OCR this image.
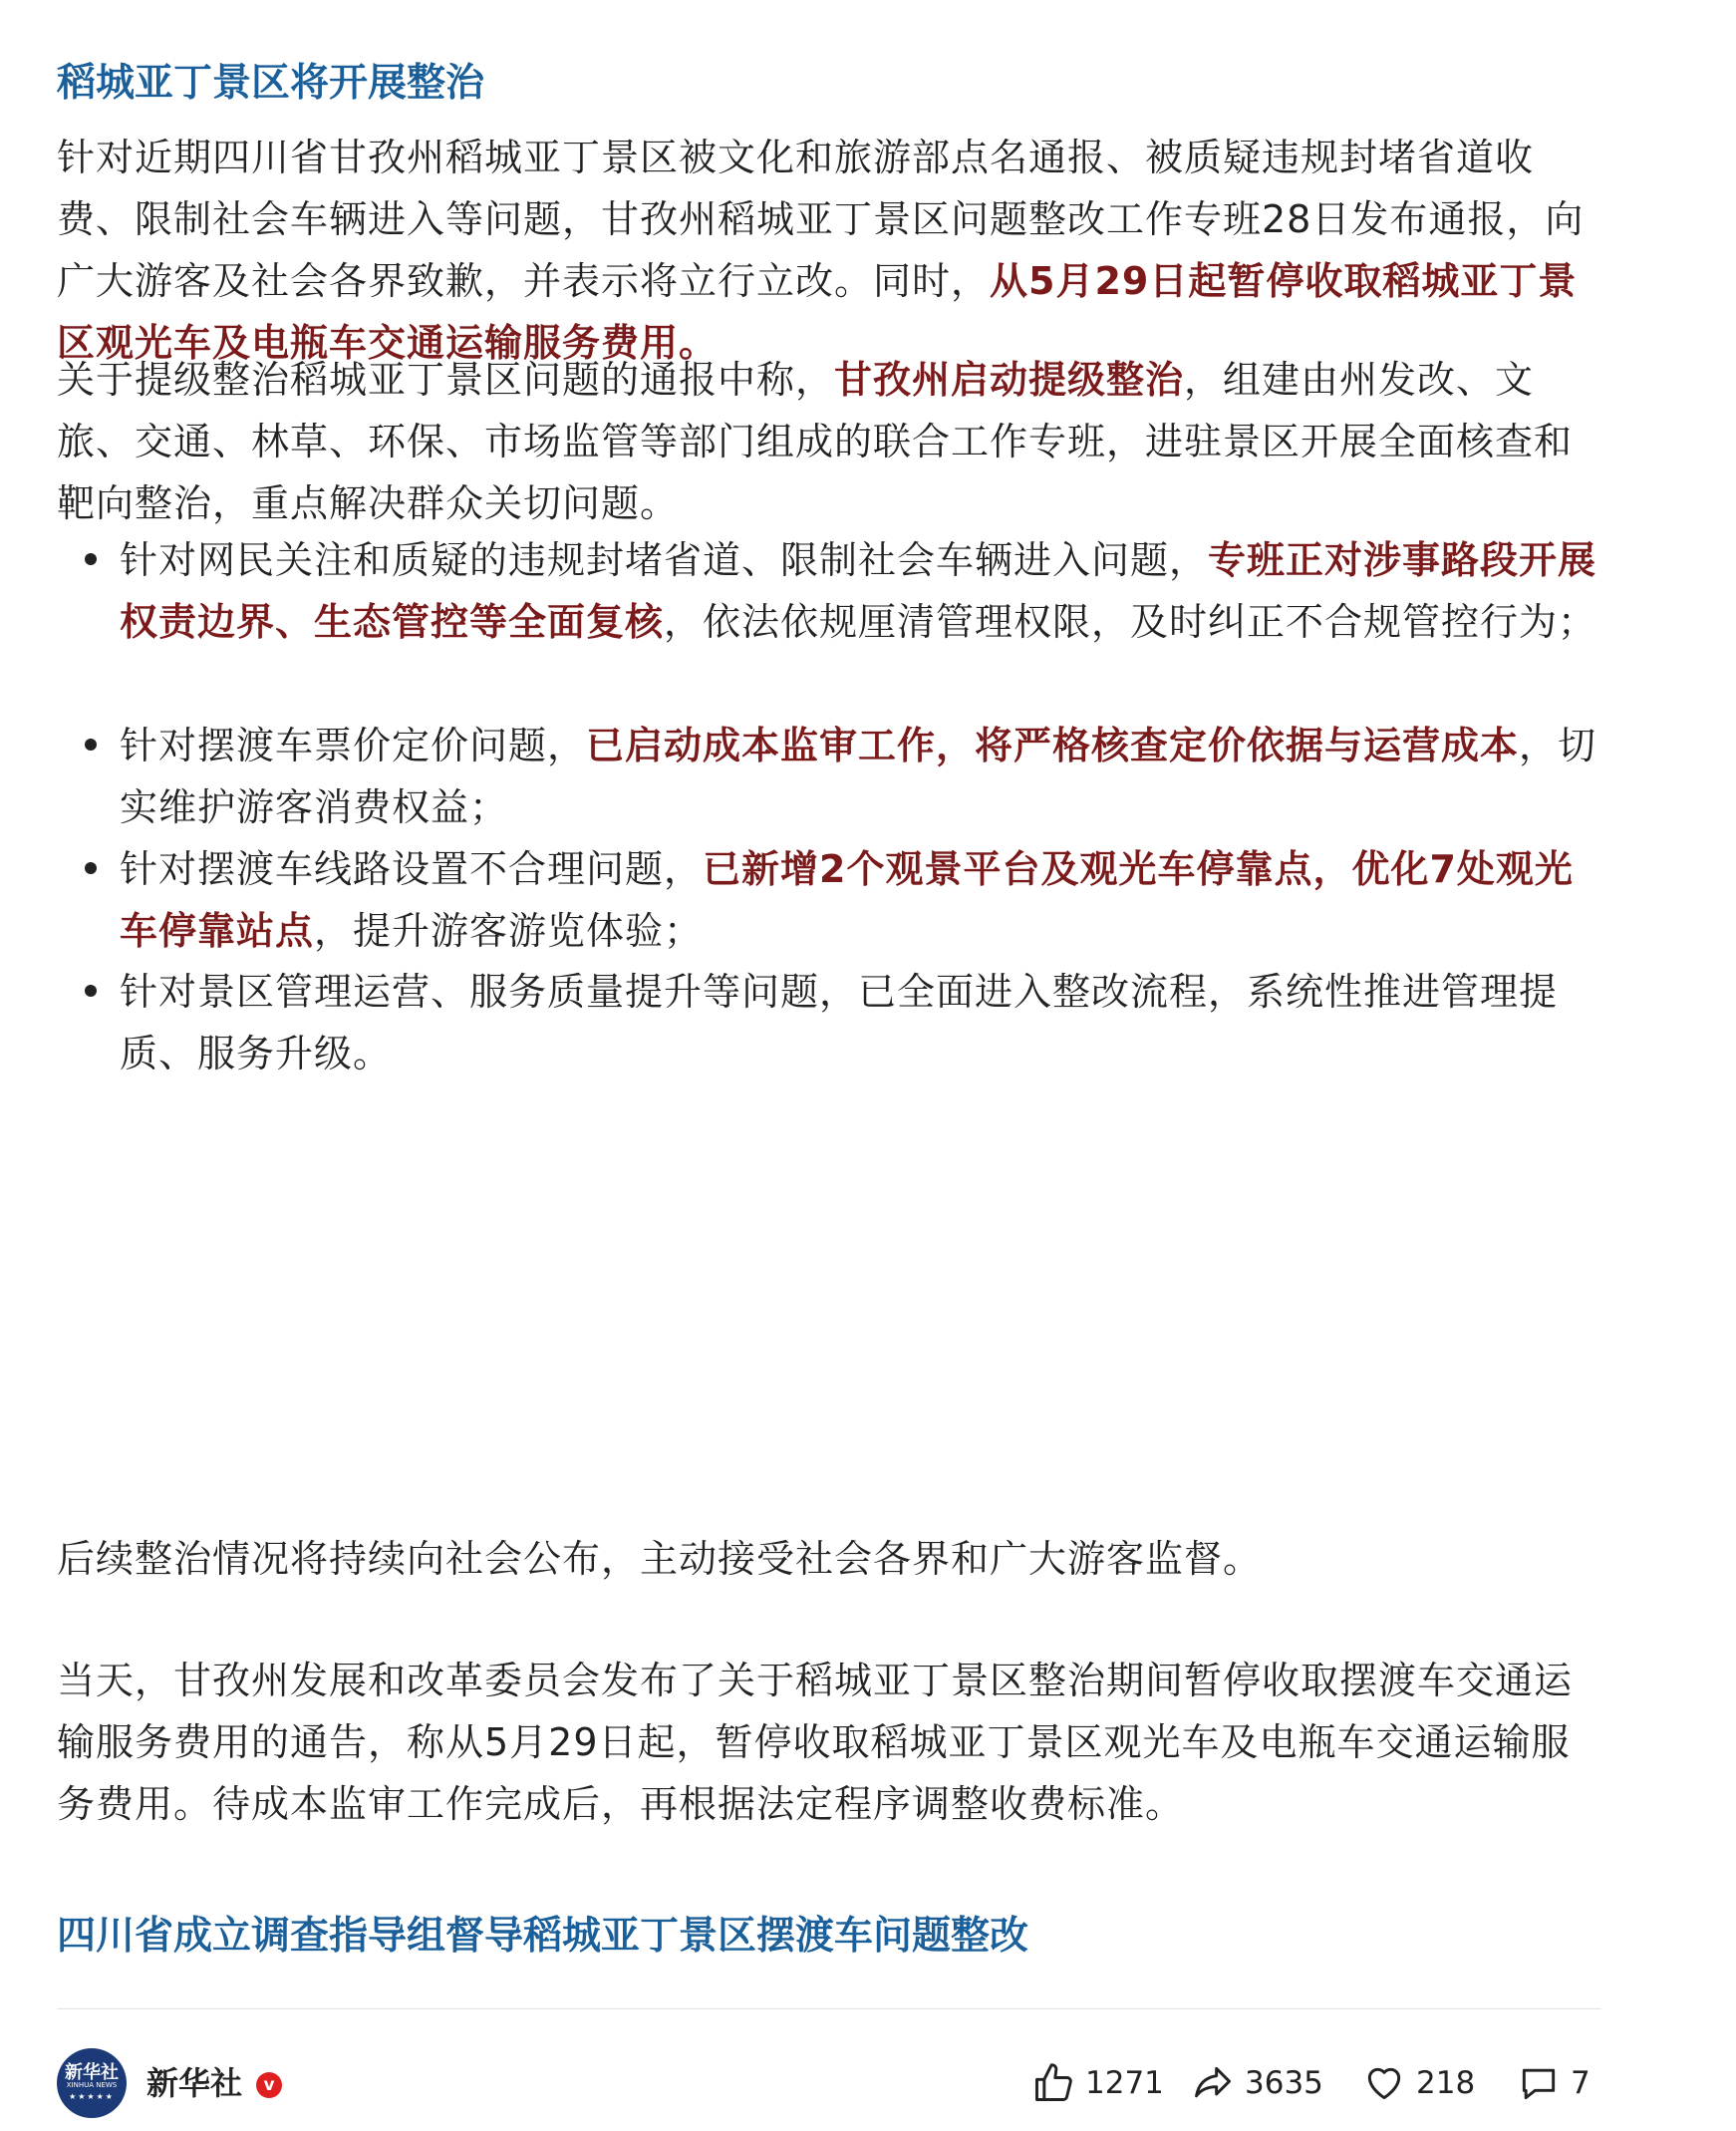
稻城亚丁景区将开展整治

针对近期四川省甘孜州稻城亚丁景区被文化和旅游部点名通报、被质疑违规封堵省道收费、限制社会车辆进入等问题，甘孜州稻城亚丁景区问题整改工作专班28日发布通报，向广大游客及社会各界致歉，并表示将立行立改。同时，从5月29日起暂停收取稻城亚丁景区观光车及电瓶车交通运输服务费用。

关于提级整治稻城亚丁景区问题的通报中称，甘孜州启动提级整治，组建由州发改、文旅、交通、林草、环保、市场监管等部门组成的联合工作专班，进驻景区开展全面核查和靶向整治，重点解决群众关切问题。

针对网民关注和质疑的违规封堵省道、限制社会车辆进入问题，专班正对涉事路段开展权责边界、生态管控等全面复核，依法依规厘清管理权限，及时纠正不合规管控行为；

针对摆渡车票价定价问题，已启动成本监审工作，将严格核查定价依据与运营成本，切实维护游客消费权益；

针对摆渡车线路设置不合理问题，已新增2个观景平台及观光车停靠点，优化7处观光车停靠站点，提升游客游览体验；

针对景区管理运营、服务质量提升等问题，已全面进入整改流程，系统性推进管理提质、服务升级。

后续整治情况将持续向社会公布，主动接受社会各界和广大游客监督。

当天，甘孜州发展和改革委员会发布了关于稻城亚丁景区整治期间暂停收取摆渡车交通运输服务费用的通告，称从5月29日起，暂停收取稻城亚丁景区观光车及电瓶车交通运输服务费用。待成本监审工作完成后，再根据法定程序调整收费标准。

四川省成立调查指导组督导稻城亚丁景区摆渡车问题整改
新华社
XINHUA NEWS
★★★★★	新华社	v	1271	3635	218	7
